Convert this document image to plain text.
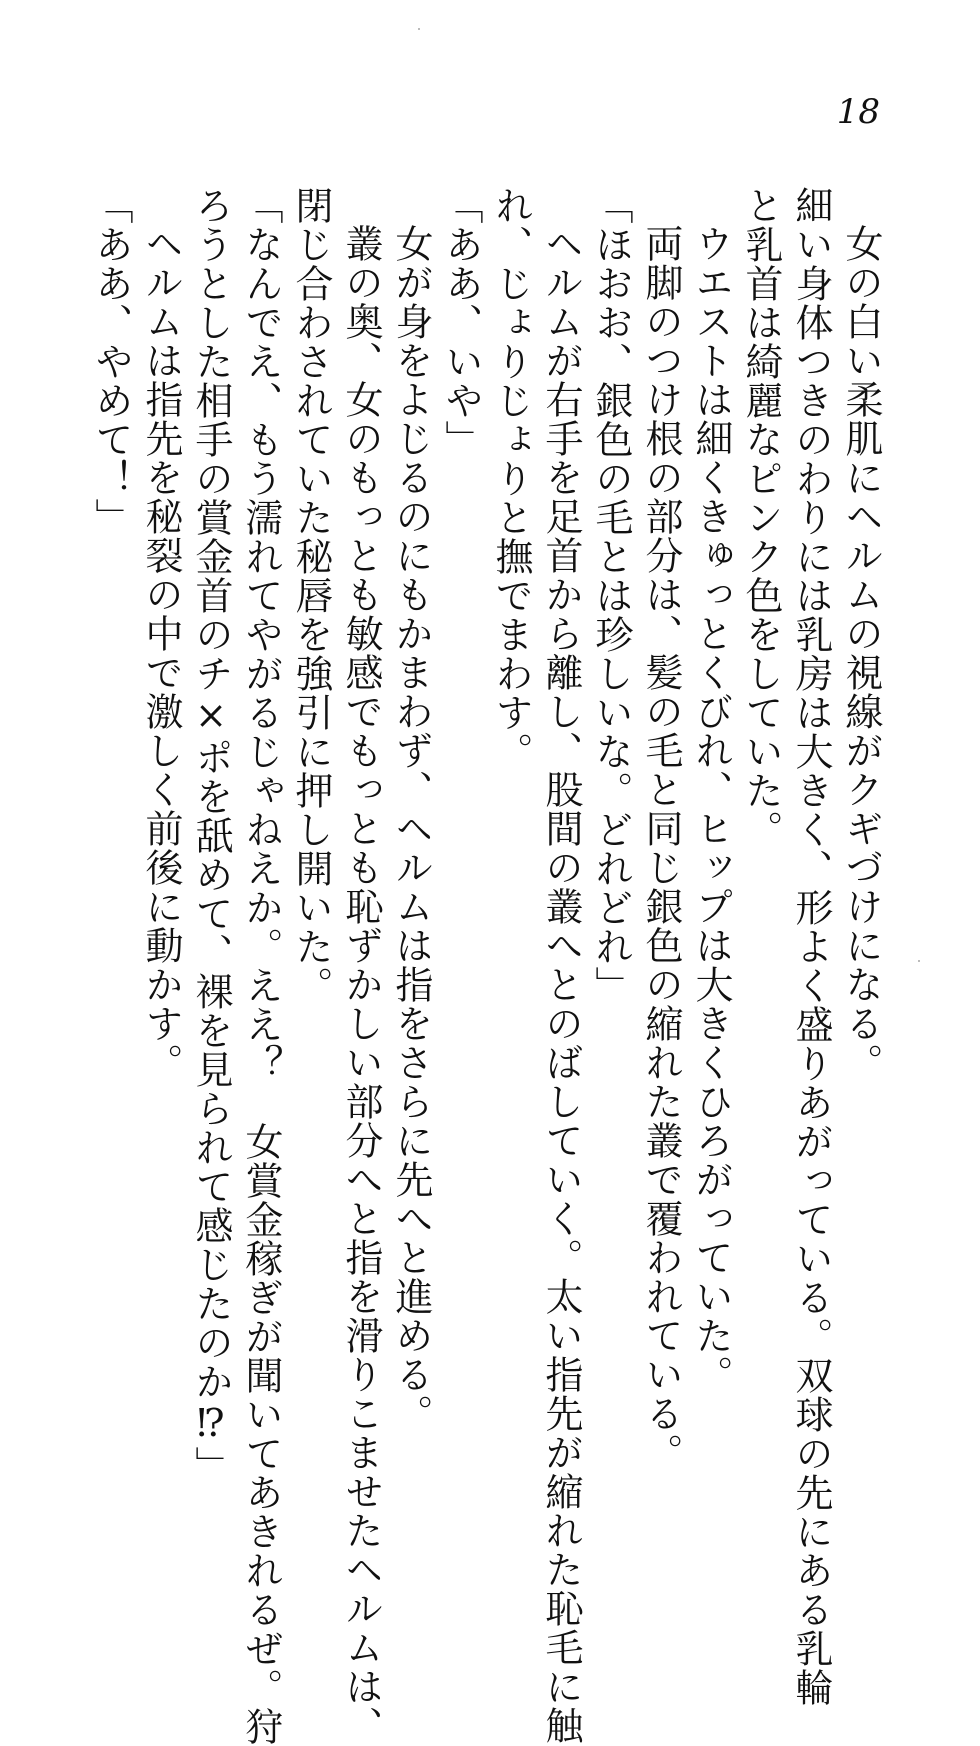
18
女の白い柔肌にヘルムの視線がクギづけになる。
細い身体つきのわりには乳房は大きく、形よく盛りあがっている。双球の先にある乳輪
と乳首は綺麗なピンク色をしていた。
ウエストは細くきゅっとくびれ、ヒップは大きくひろがっていた。
両脚のつけ根の部分は、髪の毛と同じ銀色の縮れた叢で覆われている。
「ほおお、銀色の毛とは珍しいな。どれどれ」
ヘルムが右手を足首から離し、股間の叢へとのばしていく。太い指先が縮れた恥毛に触
れ、じょりじょりと撫でまわす。
「ああ、いや」
女が身をよじるのにもかまわず、ヘルムは指をさらに先へと進める。
叢の奥、女のもっとも敏感でもっとも恥ずかしい部分へと指を滑りこませたヘルムは、
閉じ合わされていた秘唇を強引に押し開いた。
「なんでえ、もう濡れてやがるじゃねえか。ええ？　女賞金稼ぎが聞いてあきれるぜ。狩
ろうとした相手の賞金首のチ×ポを舐めて、裸を見られて感じたのか⁉」
ヘルムは指先を秘裂の中で激しく前後に動かす。
「ああ、やめて！」
